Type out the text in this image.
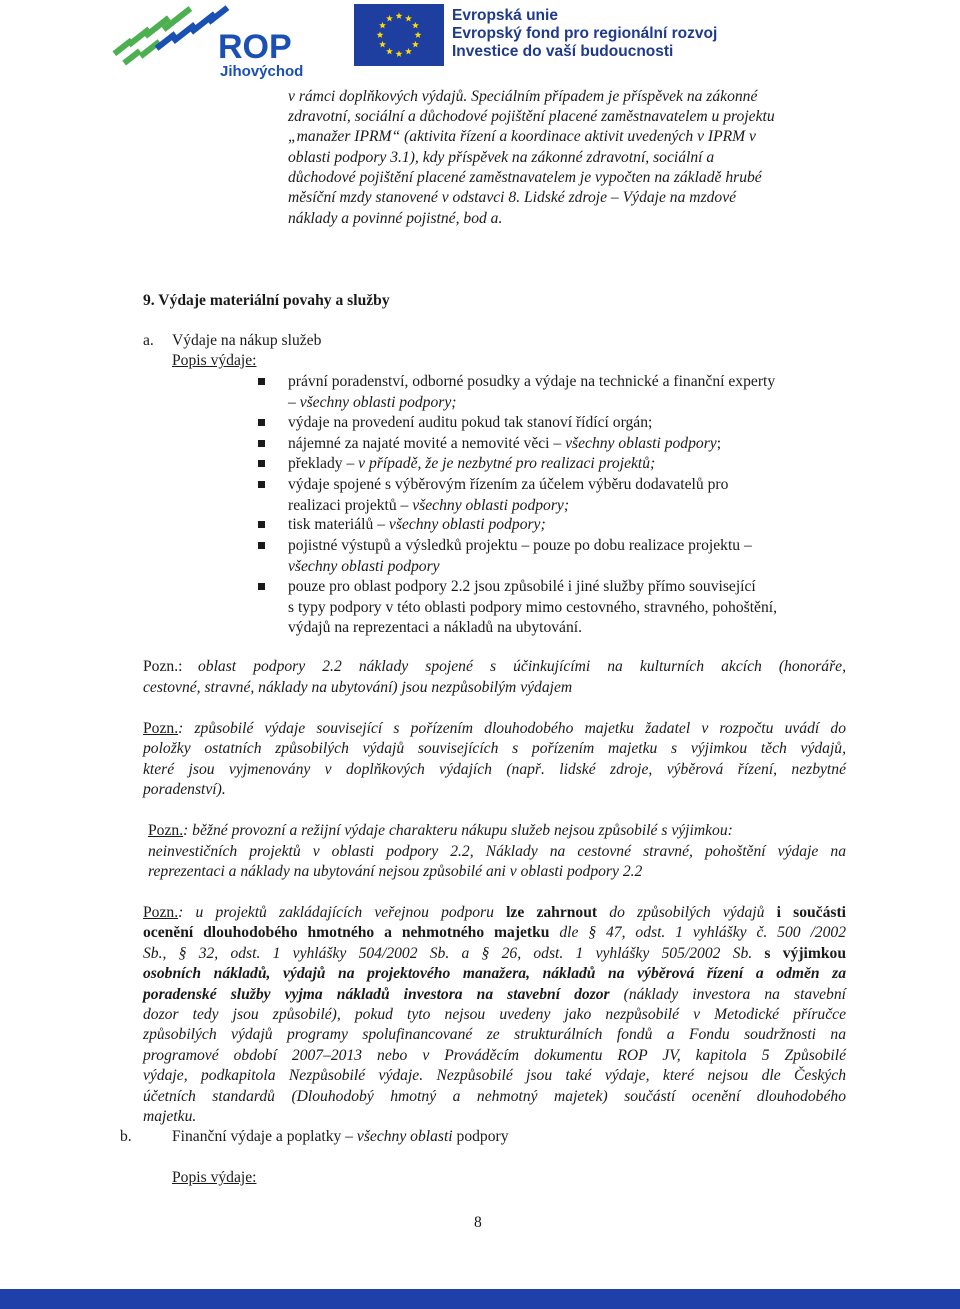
ROP
Jihovýchod
Evropská unie
Evropský fond pro regionální rozvoj
Investice do vaší budoucnosti
v rámci doplňkových výdajů. Speciálním případem je příspěvek na zákonné
zdravotní, sociální a důchodové pojištění placené zaměstnavatelem u projektu
„manažer IPRM“ (aktivita řízení a koordinace aktivit uvedených v IPRM v
oblasti podpory 3.1), kdy příspěvek na zákonné zdravotní, sociální a
důchodové pojištění placené zaměstnavatelem je vypočten na základě hrubé
měsíční mzdy stanovené v odstavci 8. Lidské zdroje – Výdaje na mzdové
náklady a povinné pojistné, bod a.
9. Výdaje materiální povahy a služby
a. Výdaje na nákup služeb
Popis výdaje:
právní poradenství, odborné posudky a výdaje na technické a finanční experty
– všechny oblasti podpory;
výdaje na provedení auditu pokud tak stanoví řídící orgán;
nájemné za najaté movité a nemovité věci – všechny oblasti podpory;
překlady – v případě, že je nezbytné pro realizaci projektů;
výdaje spojené s výběrovým řízením za účelem výběru dodavatelů pro
realizaci projektů – všechny oblasti podpory;
tisk materiálů – všechny oblasti podpory;
pojistné výstupů a výsledků projektu – pouze po dobu realizace projektu –
všechny oblasti podpory
pouze pro oblast podpory 2.2 jsou způsobilé i jiné služby přímo související
s typy podpory v této oblasti podpory mimo cestovného, stravného, pohoštění,
výdajů na reprezentaci a nákladů na ubytování.
Pozn.: oblast podpory 2.2 náklady spojené s účinkujícími na kulturních akcích (honoráře,
cestovné, stravné, náklady na ubytování) jsou nezpůsobilým výdajem
Pozn.: způsobilé výdaje související s pořízením dlouhodobého majetku žadatel v rozpočtu uvádí do
položky ostatních způsobilých výdajů souvisejících s pořízením majetku s výjimkou těch výdajů,
které jsou vyjmenovány v doplňkových výdajích (např. lidské zdroje, výběrová řízení, nezbytné
poradenství).
Pozn.: běžné provozní a režijní výdaje charakteru nákupu služeb nejsou způsobilé s výjimkou:
neinvestičních projektů v oblasti podpory 2.2, Náklady na cestovné stravné, pohoštění výdaje na
reprezentaci a náklady na ubytování nejsou způsobilé ani v oblasti podpory 2.2
Pozn.: u projektů zakládajících veřejnou podporu lze zahrnout do způsobilých výdajů i součásti
ocenění dlouhodobého hmotného a nehmotného majetku dle § 47, odst. 1 vyhlášky č. 500 /2002
Sb., § 32, odst. 1 vyhlášky 504/2002 Sb. a § 26, odst. 1 vyhlášky 505/2002 Sb. s výjimkou
osobních nákladů, výdajů na projektového manažera, nákladů na výběrová řízení a odměn za
poradenské služby vyjma nákladů investora na stavební dozor (náklady investora na stavební
dozor tedy jsou způsobilé), pokud tyto nejsou uvedeny jako nezpůsobilé v Metodické příručce
způsobilých výdajů programy spolufinancované ze strukturálních fondů a Fondu soudržnosti na
programové období 2007–2013 nebo v Prováděcím dokumentu ROP JV, kapitola 5 Způsobilé
výdaje, podkapitola Nezpůsobilé výdaje. Nezpůsobilé jsou také výdaje, které nejsou dle Českých
účetních standardů (Dlouhodobý hmotný a nehmotný majetek) součástí ocenění dlouhodobého
majetku.
b.	Finanční výdaje a poplatky – všechny oblasti podpory
Popis výdaje:
8
